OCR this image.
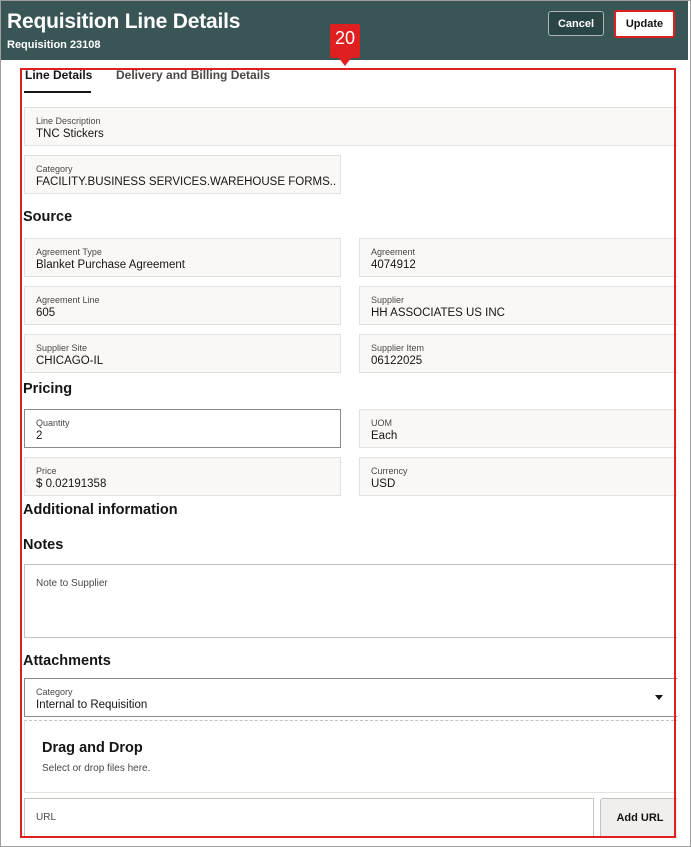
Requisition Line Details
Requisition 23108
Cancel	Update
Line Details Delivery and Billing Details
Line Description
TNC Stickers
Category
FACILITY.BUSINESS SERVICES.WAREHOUSE FORMS..
Source
Agreement Type
Blanket Purchase Agreement
Agreement
4074912
Agreement Line
605
Supplier
HH ASSOCIATES US INC
Supplier Site
CHICAGO-IL
Supplier Item
06122025
Pricing
Quantity
2
UOM
Each
Price
$ 0.02191358
Currency
USD
Additional information
Notes
Note to Supplier
Attachments
Category
Internal to Requisition
Drag and Drop
Select or drop files here.
URL	Add URL
20
